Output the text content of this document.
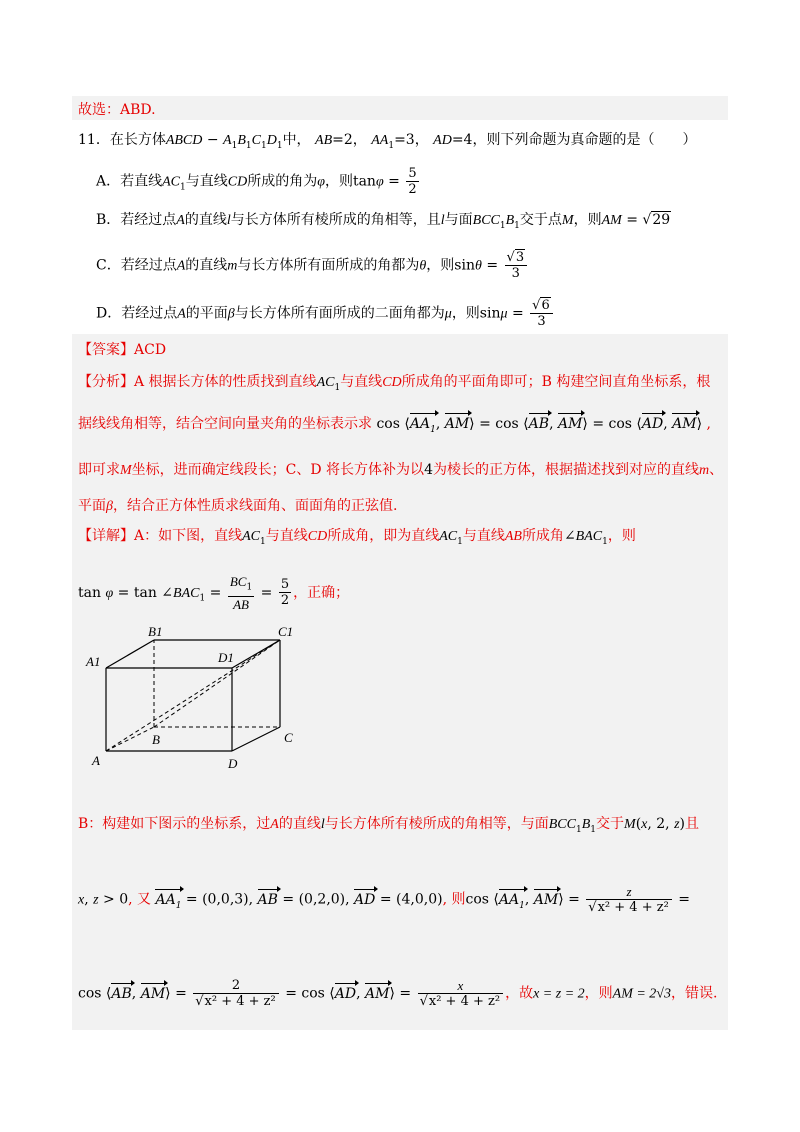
故选：ABD.
11．在长方体ABCD − $A_1B_1C_1D_1$中， AB=2， $AA_1=3$， AD=4，则下列命题为真命题的是（　　）
A．若直线$AC_1$与直线CD所成的角为φ，则$\tan\varphi = \frac{5}{2}$
B．若经过点A的直线l与长方体所有棱所成的角相等，且l与面$BCC_1B_1$交于点M，则AM = √29
C．若经过点A的直线m与长方体所有面所成的角都为θ，则$\sin\theta = \frac{√3}{3}$
D．若经过点A的平面β与长方体所有面所成的二面角都为μ，则$\sin\mu = \frac{√6}{3}$
【答案】ACD
【分析】A 根据长方体的性质找到直线$AC_1$与直线CD所成角的平面角即可；B 构建空间直角坐标系，根
据线线角相等，结合空间向量夹角的坐标表示求 $\cos ⟨AA_1$, AM⟩ = cos ⟨AB, AM⟩ = cos ⟨AD, AM⟩ ,
即可求M坐标，进而确定线段长；C、D 将长方体补为以4为棱长的正方体，根据描述找到对应的直线m、
平面β，结合正方体性质求线面角、面面角的正弦值.
【详解】A：如下图，直线$AC_1$与直线CD所成角，即为直线$AC_1$与直线AB所成角$\angle BAC_1$，则
$\tan \varphi = \tan \angle BAC_1 = \frac{BC_1}{AB} = \frac{5}{2}$ ，正确；
A
B	C
D
A1
B1	C1
D1
B：构建如下图示的坐标系，过A的直线l与长方体所有棱所成的角相等，与面$BCC_1B_1$交于M(x, 2, z)且
x, z > 0, 又 $AA_1 = (0,0,3)$, AB = (0,2,0), AD = (4,0,0), 则$\cos ⟨AA_1$, AM⟩ = $\frac{z}{\text{√x² + 4 + z²}}$ =
cos ⟨AB, AM⟩ = $\frac{2}{\text{√x² + 4 + z²}} = \cos$ ⟨AD, AM⟩ = $\frac{x}{\text{√x² + 4 + z²}}$ ，故x = z = 2，则AM = 2√3，错误.
